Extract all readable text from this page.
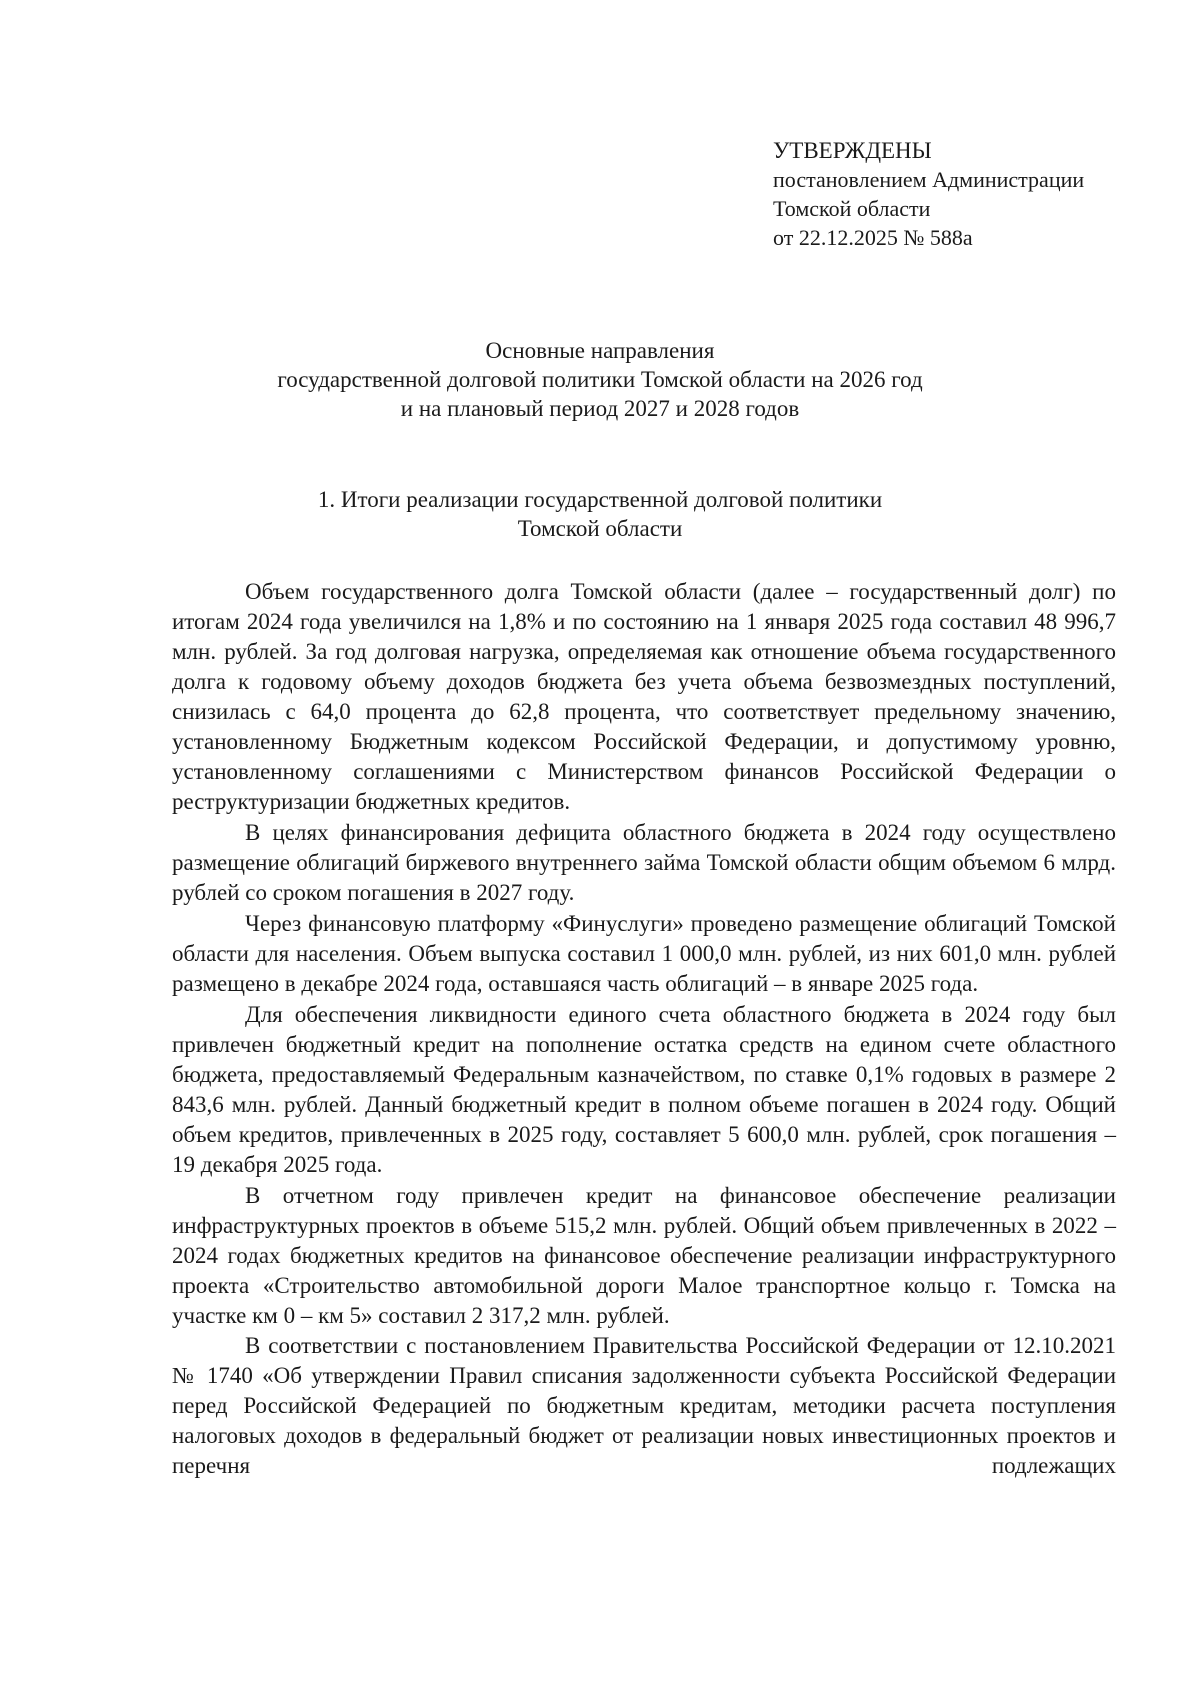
УТВЕРЖДЕНЫ
постановлением Администрации
Томской области
от 22.12.2025 № 588а
Основные направления
государственной долговой политики Томской области на 2026 год
и на плановый период 2027 и 2028 годов
1. Итоги реализации государственной долговой политики
Томской области

Объем государственного долга Томской области (далее – государственный долг) по итогам 2024 года увеличился на 1,8% и по состоянию на 1 января 2025 года составил 48 996,7 млн. рублей. За год долговая нагрузка, определяемая как отношение объема государственного долга к годовому объему доходов бюджета без учета объема безвозмездных поступлений, снизилась с 64,0 процента до 62,8 процента, что соответствует предельному значению, установленному Бюджетным кодексом Российской Федерации, и допустимому уровню, установленному соглашениями с Министерством финансов Российской Федерации о реструктуризации бюджетных кредитов.

В целях финансирования дефицита областного бюджета в 2024 году осуществлено размещение облигаций биржевого внутреннего займа Томской области общим объемом 6 млрд. рублей со сроком погашения в 2027 году.

Через финансовую платформу «Финуслуги» проведено размещение облигаций Томской области для населения. Объем выпуска составил 1 000,0 млн. рублей, из них 601,0 млн. рублей размещено в декабре 2024 года, оставшаяся часть облигаций – в январе 2025 года.

Для обеспечения ликвидности единого счета областного бюджета в 2024 году был привлечен бюджетный кредит на пополнение остатка средств на едином счете областного бюджета, предоставляемый Федеральным казначейством, по ставке 0,1% годовых в размере 2 843,6 млн. рублей. Данный бюджетный кредит в полном объеме погашен в 2024 году. Общий объем кредитов, привлеченных в 2025 году, составляет 5 600,0 млн. рублей, срок погашения – 19 декабря 2025 года.

В отчетном году привлечен кредит на финансовое обеспечение реализации инфраструктурных проектов в объеме 515,2 млн. рублей. Общий объем привлеченных в 2022 – 2024 годах бюджетных кредитов на финансовое обеспечение реализации инфраструктурного проекта «Строительство автомобильной дороги Малое транспортное кольцо г. Томска на участке км 0 – км 5» составил 2 317,2 млн. рублей.

В соответствии с постановлением Правительства Российской Федерации от 12.10.2021 № 1740 «Об утверждении Правил списания задолженности субъекта Российской Федерации перед Российской Федерацией по бюджетным кредитам, методики расчета поступления налоговых доходов в федеральный бюджет от реализации новых инвестиционных проектов и перечня подлежащих
